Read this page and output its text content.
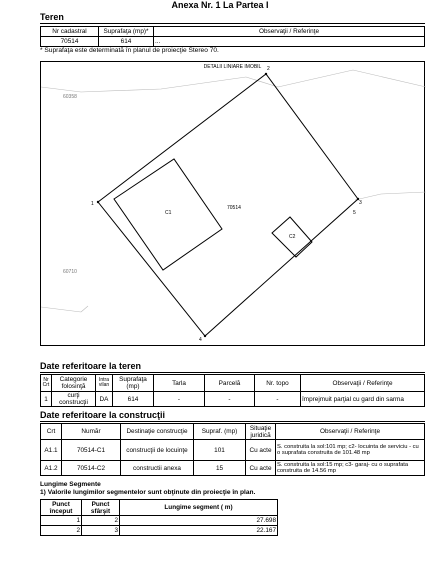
Anexa Nr. 1 La Partea I
Teren
Nr cadastral	Suprafaţa (mp)*	Observaţii / Referinţe
70514	614	...
* Suprafaţa este determinată în planul de proiecţie Stereo 70.
DETALII LINIARE IMOBIL
60358
60710
70514
C1
C2
1
2
3
4
5
Date referitoare la teren
Nr Crt	Categorie folosinţă	Intra vilan	Suprafaţa (mp)	Tarla	Parcelă	Nr. topo	Observaţii / Referinţe
1	curţi construcţii	DA	614	-	-	-	împrejmuit parţial cu gard din sarma
Date referitoare la construcţii
Crt	Număr	Destinaţie construcţie	Supraf. (mp)	Situaţie juridică	Observaţii / Referinţe
A1.1	70514-C1	construcţii de locuinţe	101	Cu acte	S. construita la sol:101 mp; c2- locuinta de serviciu - cu o suprafata construita de 101.48 mp
A1.2	70514-C2	constructii anexa	15	Cu acte	S. construita la sol:15 mp; c3- garaj- cu o suprafata construita de 14.56 mp
Lungime Segmente
1) Valorile lungimilor segmentelor sunt obţinute din proiecţie în plan.
Punct început	Punct sfârşit	Lungime segment ( m)
1	2	27.698
2	3	22.167
